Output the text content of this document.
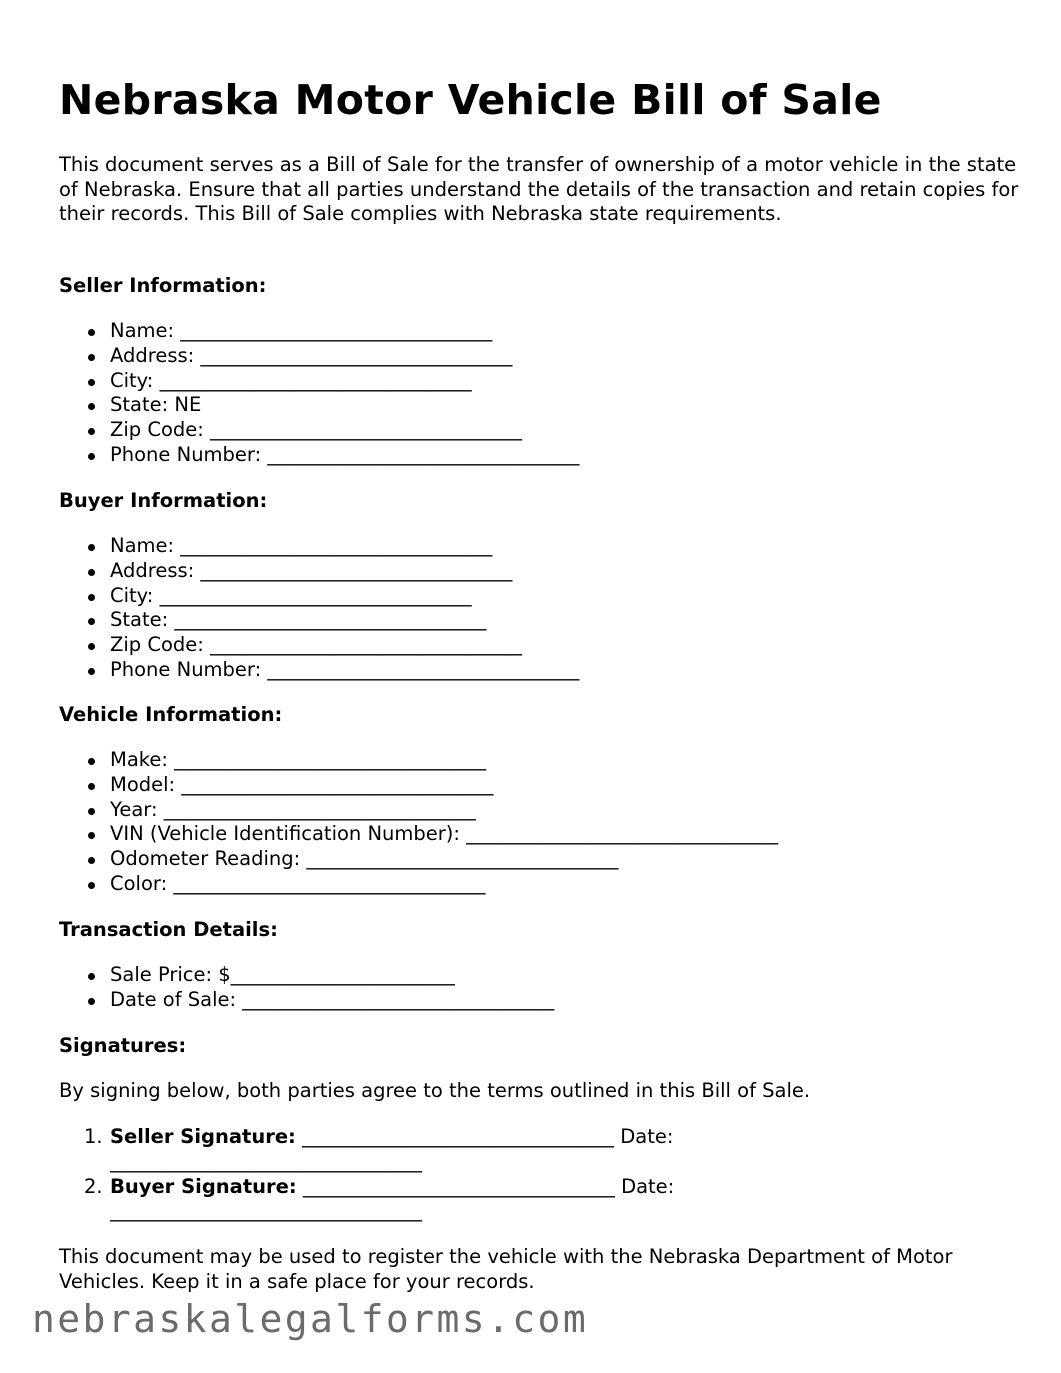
Nebraska Motor Vehicle Bill of Sale

This document serves as a Bill of Sale for the transfer of ownership of a motor vehicle in the state of Nebraska. Ensure that all parties understand the details of the transaction and retain copies for their records. This Bill of Sale complies with Nebraska state requirements.

Seller Information:

Name: ________________________________
Address: ________________________________
City: ________________________________
State: NE
Zip Code: ________________________________
Phone Number: ________________________________

Buyer Information:

Name: ________________________________
Address: ________________________________
City: ________________________________
State: ________________________________
Zip Code: ________________________________
Phone Number: ________________________________

Vehicle Information:

Make: ________________________________
Model: ________________________________
Year: ________________________________
VIN (Vehicle Identification Number): ________________________________
Odometer Reading: ________________________________
Color: ________________________________

Transaction Details:

Sale Price: $_______________________
Date of Sale: ________________________________

Signatures:

By signing below, both parties agree to the terms outlined in this Bill of Sale.

1. Seller Signature: ________________________________ Date: ________________________________
2. Buyer Signature: ________________________________ Date: ________________________________

This document may be used to register the vehicle with the Nebraska Department of Motor Vehicles. Keep it in a safe place for your records.

nebraskalegalforms.com
